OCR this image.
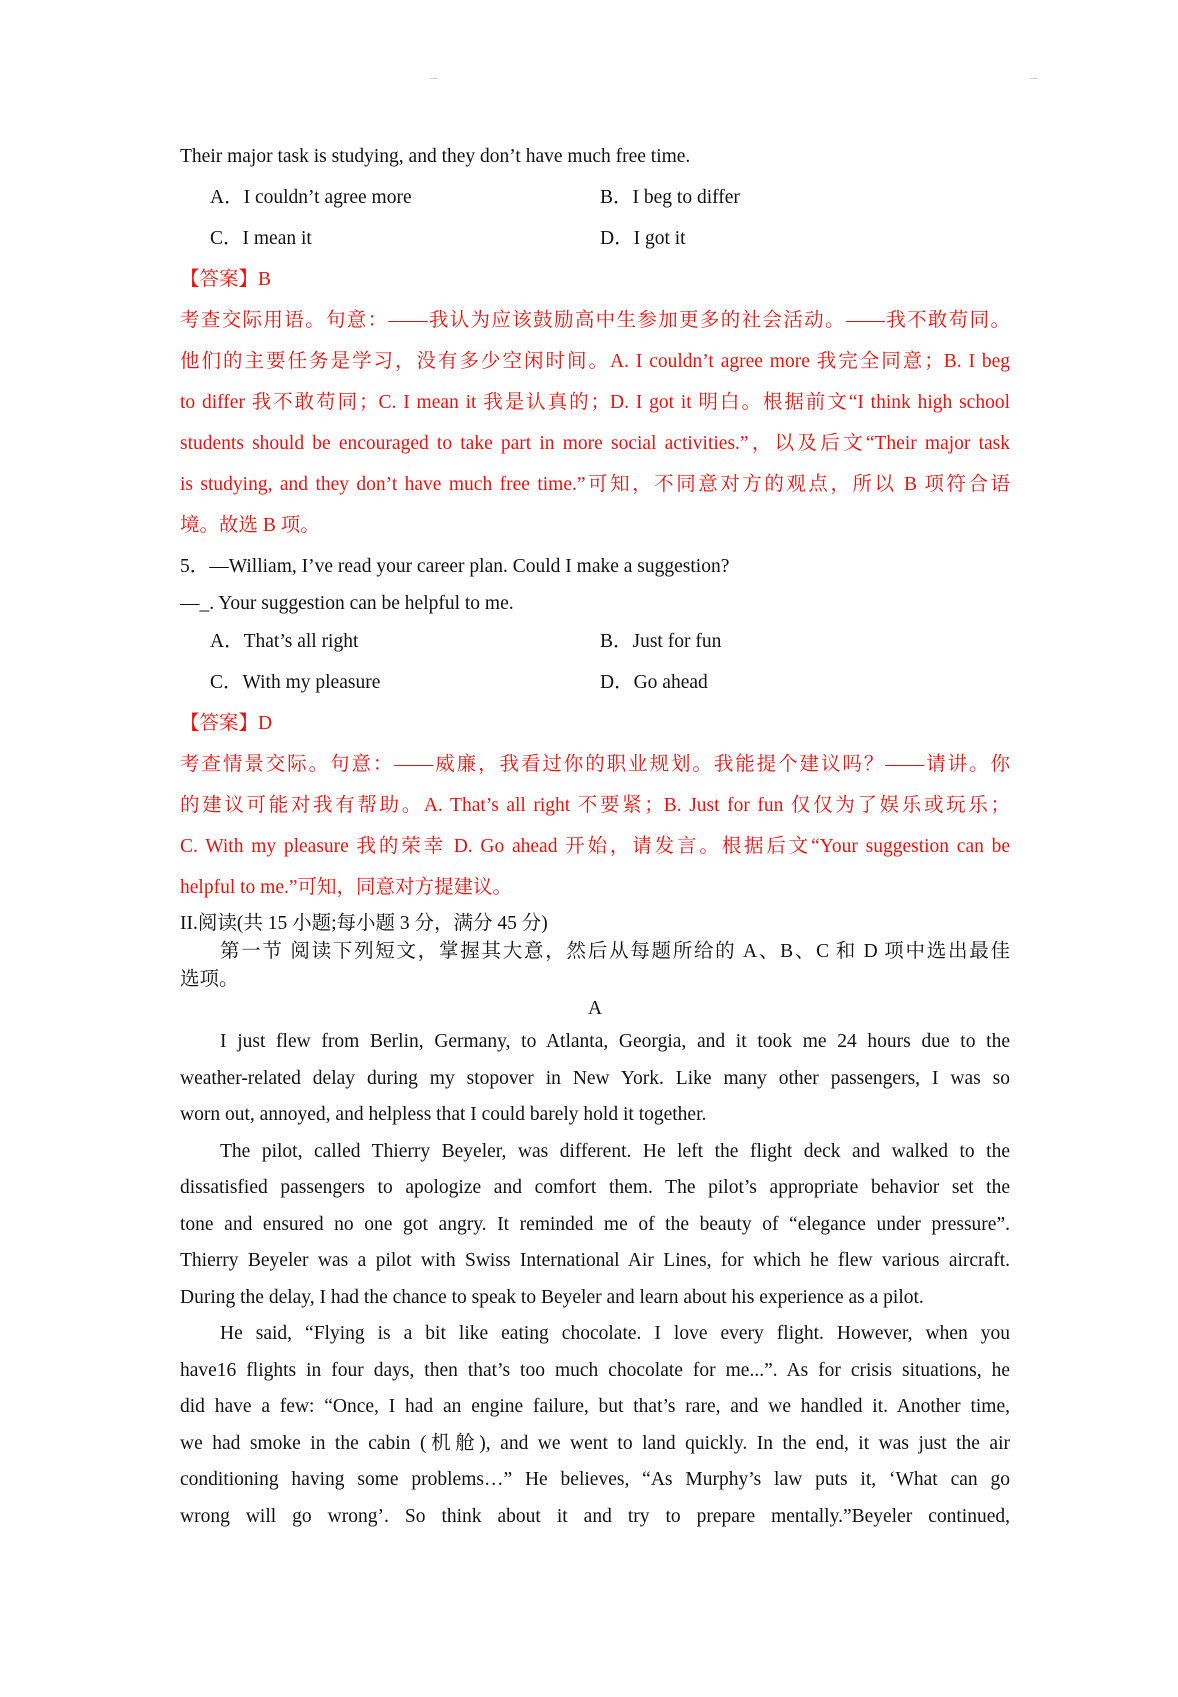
Their major task is studying, and they don’t have much free time.
A．I couldn’t agree more	B．I beg to differ
C．I mean it	D．I got it
【答案】B
考查交际用语。句意：——我认为应该鼓励高中生参加更多的社会活动。——我不敢苟同。
他们的主要任务是学习，没有多少空闲时间。A. I couldn’t agree more 我完全同意；B. I beg
to differ 我不敢苟同；C. I mean it 我是认真的；D. I got it 明白。根据前文“I think high school
students should be encouraged to take part in more social activities.”，以及后文“Their major task
is studying, and they don’t have much free time.”可知，不同意对方的观点，所以 B 项符合语
境。故选 B 项。
5．—William, I’ve read your career plan. Could I make a suggestion?
—_. Your suggestion can be helpful to me.
A．That’s all right	B．Just for fun
C．With my pleasure	D．Go ahead
【答案】D
考查情景交际。句意：——威廉，我看过你的职业规划。我能提个建议吗？——请讲。你
的建议可能对我有帮助。A. That’s all right 不要紧；B. Just for fun 仅仅为了娱乐或玩乐；
C. With my pleasure 我的荣幸 D. Go ahead 开始，请发言。根据后文“Your suggestion can be
helpful to me.”可知，同意对方提建议。
II.阅读(共 15 小题;每小题 3 分，满分 45 分)
第一节 阅读下列短文，掌握其大意，然后从每题所给的 A、B、C 和 D 项中选出最佳
选项。
A
I just flew from Berlin, Germany, to Atlanta, Georgia, and it took me 24 hours due to the
weather-related delay during my stopover in New York. Like many other passengers, I was so
worn out, annoyed, and helpless that I could barely hold it together.
The pilot, called Thierry Beyeler, was different. He left the flight deck and walked to the
dissatisfied passengers to apologize and comfort them. The pilot’s appropriate behavior set the
tone and ensured no one got angry. It reminded me of the beauty of “elegance under pressure”.
Thierry Beyeler was a pilot with Swiss International Air Lines, for which he flew various aircraft.
During the delay, I had the chance to speak to Beyeler and learn about his experience as a pilot.
He said, “Flying is a bit like eating chocolate. I love every flight. However, when you
have16 flights in four days, then that’s too much chocolate for me...”. As for crisis situations, he
did have a few: “Once, I had an engine failure, but that’s rare, and we handled it. Another time,
we had smoke in the cabin (机舱), and we went to land quickly. In the end, it was just the air
conditioning having some problems…” He believes, “As Murphy’s law puts it, ‘What can go
wrong will go wrong’. So think about it and try to prepare mentally.”Beyeler continued,
